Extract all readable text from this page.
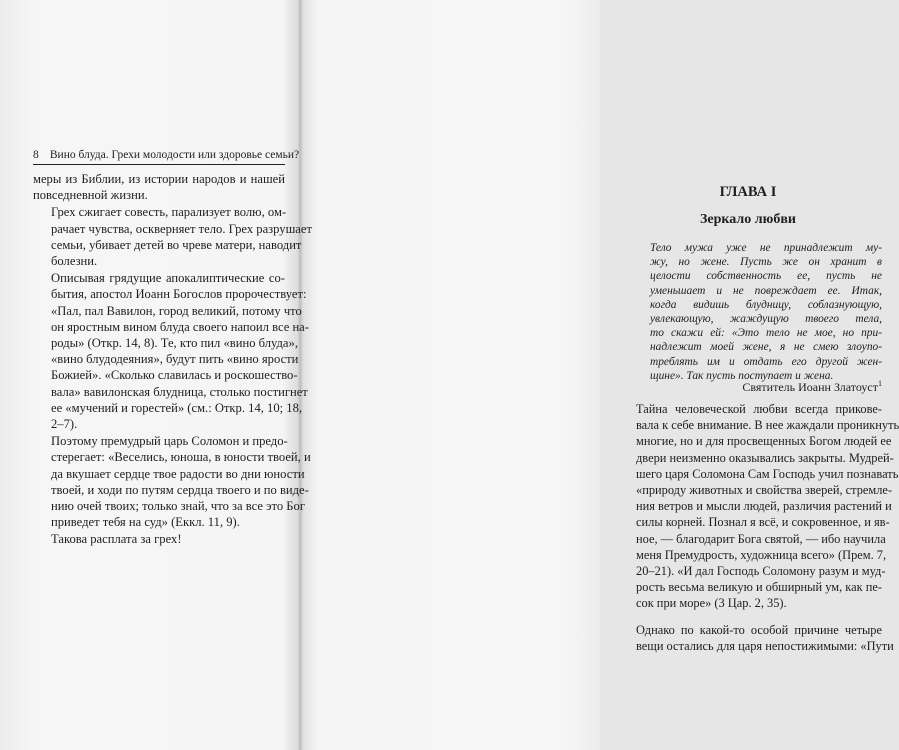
8 Вино блуда. Грехи молодости или здоровье семьи?
меры из Библии, из истории народов и нашей
повседневной жизни.
Грех сжигает совесть, парализует волю, ом-
рачает чувства, оскверняет тело. Грех разрушает
семьи, убивает детей во чреве матери, наводит
болезни.
Описывая грядущие апокалиптические со-
бытия, апостол Иоанн Богослов пророчествует:
«Пал, пал Вавилон, город великий, потому что
он яростным вином блуда своего напоил все на-
роды» (Откр. 14, 8). Те, кто пил «вино блуда»,
«вино блудодеяния», будут пить «вино ярости
Божией». «Сколько славилась и роскошество-
вала» вавилонская блудница, столько постигнет
ее «мучений и горестей» (см.: Откр. 14, 10; 18,
2–7).
Поэтому премудрый царь Соломон и предо-
стерегает: «Веселись, юноша, в юности твоей, и
да вкушает сердце твое радости во дни юности
твоей, и ходи по путям сердца твоего и по виде-
нию очей твоих; только знай, что за все это Бог
приведет тебя на суд» (Еккл. 11, 9).
Такова расплата за грех!
ГЛАВА I
Зеркало любви
Тело мужа уже не принадлежит му-
жу, но жене. Пусть же он хранит в
целости собственность ее, пусть не
уменьшает и не повреждает ее. Итак,
когда видишь блудницу, соблазнующую,
увлекающую, жаждущую твоего тела,
то скажи ей: «Это тело не мое, но при-
надлежит моей жене, я не смею злоупо-
треблять им и отдать его другой жен-
щине». Так пусть поступает и жена.
Святитель Иоанн Златоуст$^1$
Тайна человеческой любви всегда прикове-
вала к себе внимание. В нее жаждали проникнуть
многие, но и для просвещенных Богом людей ее
двери неизменно оказывались закрыты. Мудрей-
шего царя Соломона Сам Господь учил познавать
«природу животных и свойства зверей, стремле-
ния ветров и мысли людей, различия растений и
силы корней. Познал я всё, и сокровенное, и яв-
ное, — благодарит Бога святой, — ибо научила
меня Премудрость, художница всего» (Прем. 7,
20–21). «И дал Господь Соломону разум и муд-
рость весьма великую и обширный ум, как пе-
сок при море» (3 Цар. 2, 35).
Однако по какой-то особой причине четыре
вещи остались для царя непостижимыми: «Пути
